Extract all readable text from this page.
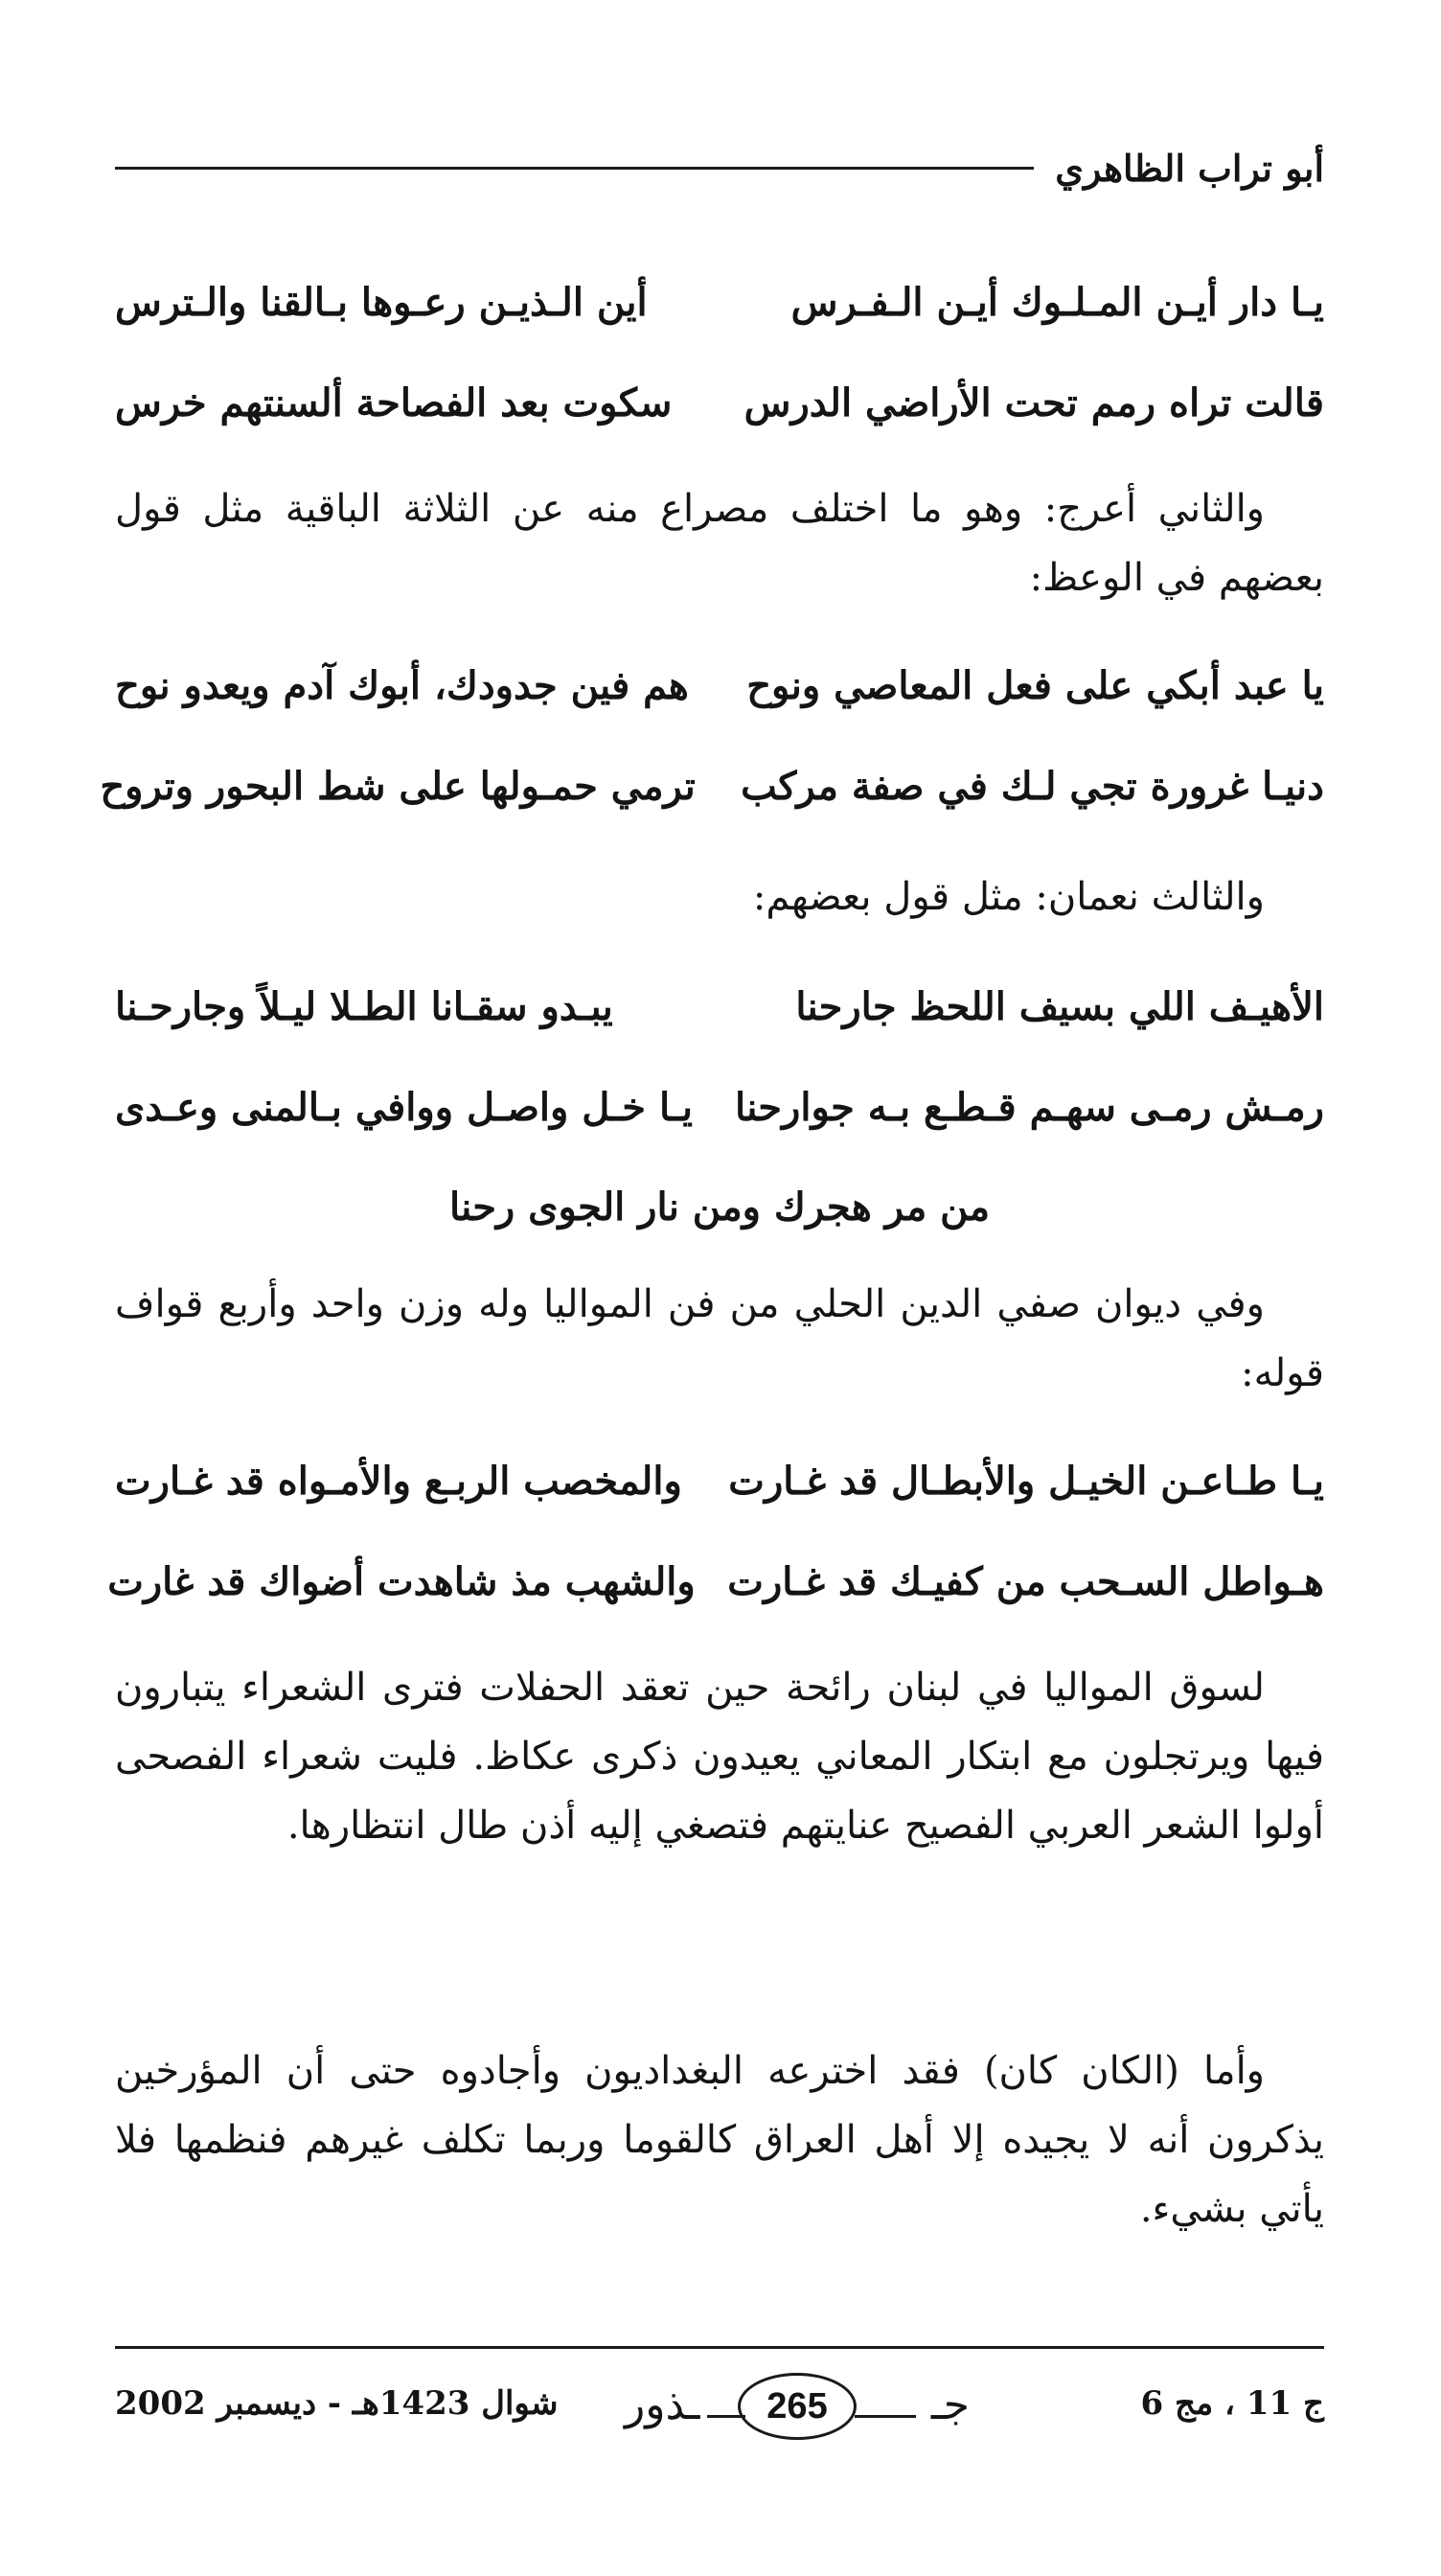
أبو تراب الظاهري
يـا دار أيـن المـلـوك أيـن الـفـرس
أين الـذيـن رعـوها بـالقنا والـترس
قالت تراه رمم تحت الأراضي الدرس
سكوت بعد الفصاحة ألسنتهم خرس

والثاني أعرج: وهو ما اختلف مصراع منه عن الثلاثة الباقية مثل قول بعضهم في الوعظ:

يا عبد أبكي على فعل المعاصي ونوح
هم فين جدودك، أبوك آدم ويعدو نوح
دنيـا غرورة تجي لـك في صفة مركب
ترمي حمـولها على شط البحور وتروح

والثالث نعمان: مثل قول بعضهم:

الأهيـف اللي بسيف اللحظ جارحنا
يبـدو سقـانا الطـلا ليـلاً وجارحـنا
رمـش رمـى سهـم قـطـع بـه جوارحنا
يـا خـل واصـل ووافي بـالمنى وعـدى
من مر هجرك ومن نار الجوى رحنا

وفي ديوان صفي الدين الحلي من فن المواليا وله وزن واحد وأربع قواف قوله:

يـا طـاعـن الخيـل والأبطـال قد غـارت
والمخصب الربـع والأمـواه قد غـارت
هـواطل السـحب من كفيـك قد غـارت
والشهب مذ شاهدت أضواك قد غارت

لسوق المواليا في لبنان رائحة حين تعقد الحفلات فترى الشعراء يتبارون فيها ويرتجلون مع ابتكار المعاني يعيدون ذكرى عكاظ. فليت شعراء الفصحى أولوا الشعر العربي الفصيح عنايتهم فتصغي إليه أذن طال انتظارها.

وأما (الكان كان) فقد اخترعه البغداديون وأجادوه حتى أن المؤرخين يذكرون أنه لا يجيده إلا أهل العراق كالقوما وربما تكلف غيرهم فنظمها فلا يأتي بشيء.

ج 11 ، مج 6
جـ
265
ـذور
شوال 1423هـ - ديسمبر 2002
